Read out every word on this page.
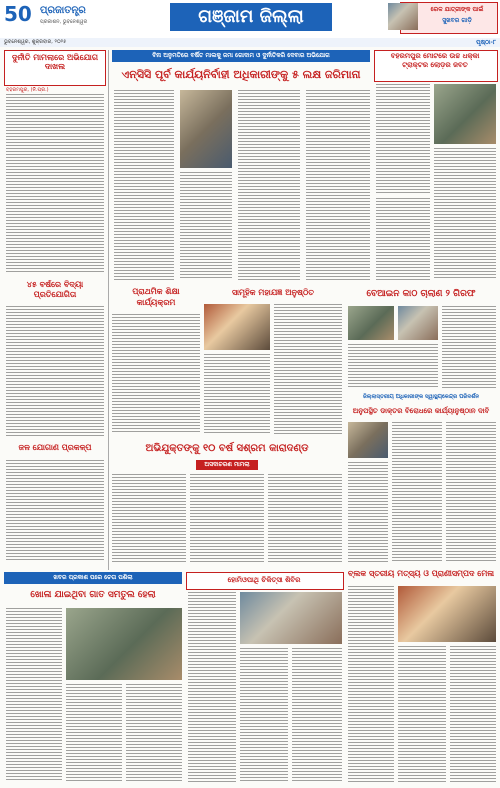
50 ପ୍ରଜାତନ୍ତ୍ର
ପ୍ରକାଶନ, ଭୁବନେଶ୍ୱର	ଗଞ୍ଜାମ ଜିଲ୍ଲା	ରେଳ ଯାତ୍ରୀଙ୍କ ପାଇଁ
ସୁଖବର ଗାଡ଼ି
ଭୁବନେଶ୍ୱର, ଶୁକ୍ରବାର, ୨୦୨୫	ପୃଷ୍ଠା-୮
ଦୁର୍ନୀତି ମାମଲାରେ ଅଭିଯୋଗ ଦାଖଲ
ବହରମପୁର, (ନି.ପ୍ର.)
୪୫ ବର୍ଷରେ ବିଦ୍ୟା ପ୍ରତିଯୋଗିତା
ଜଳ ଯୋଗାଣ ପ୍ରକଳ୍ପ
ବିନା ଅନୁମତିରେ ବର୍ଷିତ ମାଲକୁ ଜମା ଗୋଦାମ ଓ ଦୁର୍ନୀତିକରି ଦେବାର ଅଭିଯୋଗ
ଏନ୍‌ସିସି ପୂର୍ବ କାର୍ଯ୍ୟନିର୍ବାହୀ ଅଧିକାରୀଙ୍କୁ ୫ ଲକ୍ଷ ଜରିମାନା
ବହରମପୁର ମୋଟରେ ଉଚ୍ଚ ଧକ୍କା ଟ୍ରାକ୍ଟର ଲୋଡ଼ର ଜବତ
ପ୍ରାଥମିକ ଶିକ୍ଷା କାର୍ଯ୍ୟକ୍ରମ
ସାମୂହିକ ମହାଯଜ୍ଞ ଅନୁଷ୍ଠିତ	ବେଆଇନ କାଠ ଚାଲାଣ ୨ ଗିରଫ
ଜିଲ୍ଲାସ୍ତରୀୟ ଅଧିକାରୀଙ୍କ ସ୍ୱାସ୍ଥ୍ୟକେନ୍ଦ୍ର ପରିଦର୍ଶନ
ଅନୁପସ୍ଥିତ ଡାକ୍ତର ବିରୋଧରେ କାର୍ଯ୍ୟାନୁଷ୍ଠାନ ଦାବି
ଅଭିଯୁକ୍ତଙ୍କୁ ୧୦ ବର୍ଷ ସଶ୍ରମ କାରାଦଣ୍ଡ
ଅସଦାଚରଣ ମାମଲା
ବ୍ଲକ ସ୍ତରୀୟ ମତ୍ସ୍ୟ ଓ ପ୍ରାଣୀସମ୍ପଦ ମେଳା
ଖବର ପ୍ରକାଶ ପରେ ଚେତା ପଶିଲା
ଖୋଳା ଯାଇଥିବା ଗାତ ସମତୁଲ ହେଲା
ହୋମିଓପାଥି ଚିକିତ୍ସା ଶିବିର
